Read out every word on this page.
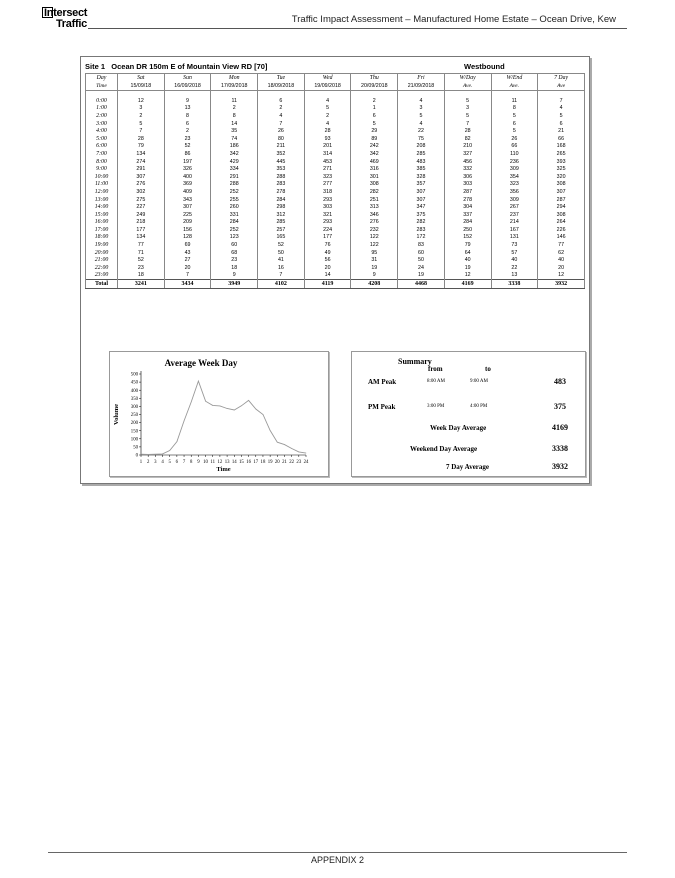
Intersect
Traffic	Traffic Impact Assessment – Manufactured Home Estate – Ocean Drive, Kew
Site 1 Ocean DR 150m E of Mountain View RD [70]	Westbound
Day	Sat	Sun	Mon	Tue	Wed	Thu	Fri	W/Day	W/End	7 Day
Time	15/09/18	16/09/2018	17/09/2018	18/09/2018	19/09/2018	20/09/2018	21/09/2018	Ave.	Ave.	Ave

0:00	12	9	11	6	4	2	4	5	11	7
1:00	3	13	2	2	5	1	3	3	8	4
2:00	2	8	8	4	2	6	5	5	5	5
3:00	5	6	14	7	4	5	4	7	6	6
4:00	7	2	35	26	28	29	22	28	5	21
5:00	28	23	74	80	93	89	75	82	26	66
6:00	79	52	186	211	201	242	208	210	66	168
7:00	134	86	342	352	314	342	285	327	110	265
8:00	274	197	429	445	453	469	483	456	236	393
9:00	291	326	334	353	271	316	385	332	309	325
10:00	307	400	291	288	323	301	328	306	354	320
11:00	276	369	288	283	277	308	357	303	323	308
12:00	302	409	252	278	318	282	307	287	356	307
13:00	275	343	255	284	293	251	307	278	309	287
14:00	227	307	260	298	303	313	347	304	267	294
15:00	249	225	331	312	321	346	375	337	237	308
16:00	218	209	284	285	293	276	282	284	214	264
17:00	177	156	252	257	224	232	283	250	167	226
18:00	134	128	123	165	177	122	172	152	131	146
19:00	77	69	60	52	76	122	83	79	73	77
20:00	71	43	68	50	49	95	60	64	57	62
21:00	52	27	23	41	56	31	50	40	40	40
22:00	23	20	18	16	20	19	24	19	22	20
23:00	18	7	9	7	14	9	19	12	13	12
Total	3241	3434	3949	4102	4119	4208	4468	4169	3338	3932
Average Week Day
0
50
100
150
200
250
300
350
400
450
500
1 2 3 4 5 6 7 8 9 10 11 12 13 14 15 16 17 18 19 20 21 22 23 24
Time
Volume
Summary
from	to
AM Peak	8:00 AM	9:00 AM	483
PM Peak	3:00 PM	4:00 PM	375
Week Day Average	4169
Weekend Day Average	3338
7 Day Average	3932
APPENDIX 2
